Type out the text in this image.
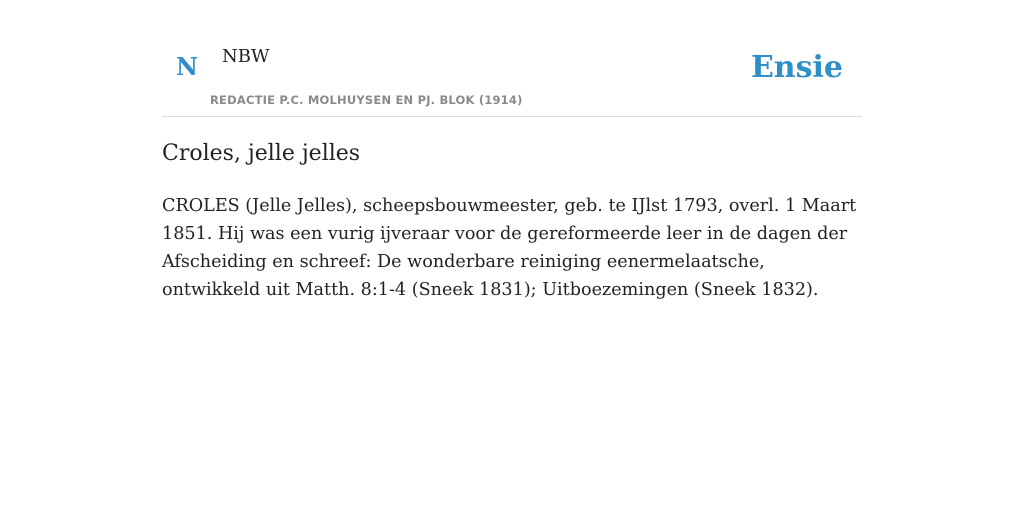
N NBW
REDACTIE P.C. MOLHUYSEN EN PJ. BLOK (1914)
Ensie
Croles, jelle jelles

CROLES (Jelle Jelles), scheepsbouwmeester, geb. te IJlst 1793, overl. 1 Maart 1851. Hij was een vurig ijveraar voor de gereformeerde leer in de dagen der Afscheiding en schreef: De wonderbare reiniging eenermelaatsche, ontwikkeld uit Matth. 8:1-4 (Sneek 1831); Uitboezemingen (Sneek 1832).
